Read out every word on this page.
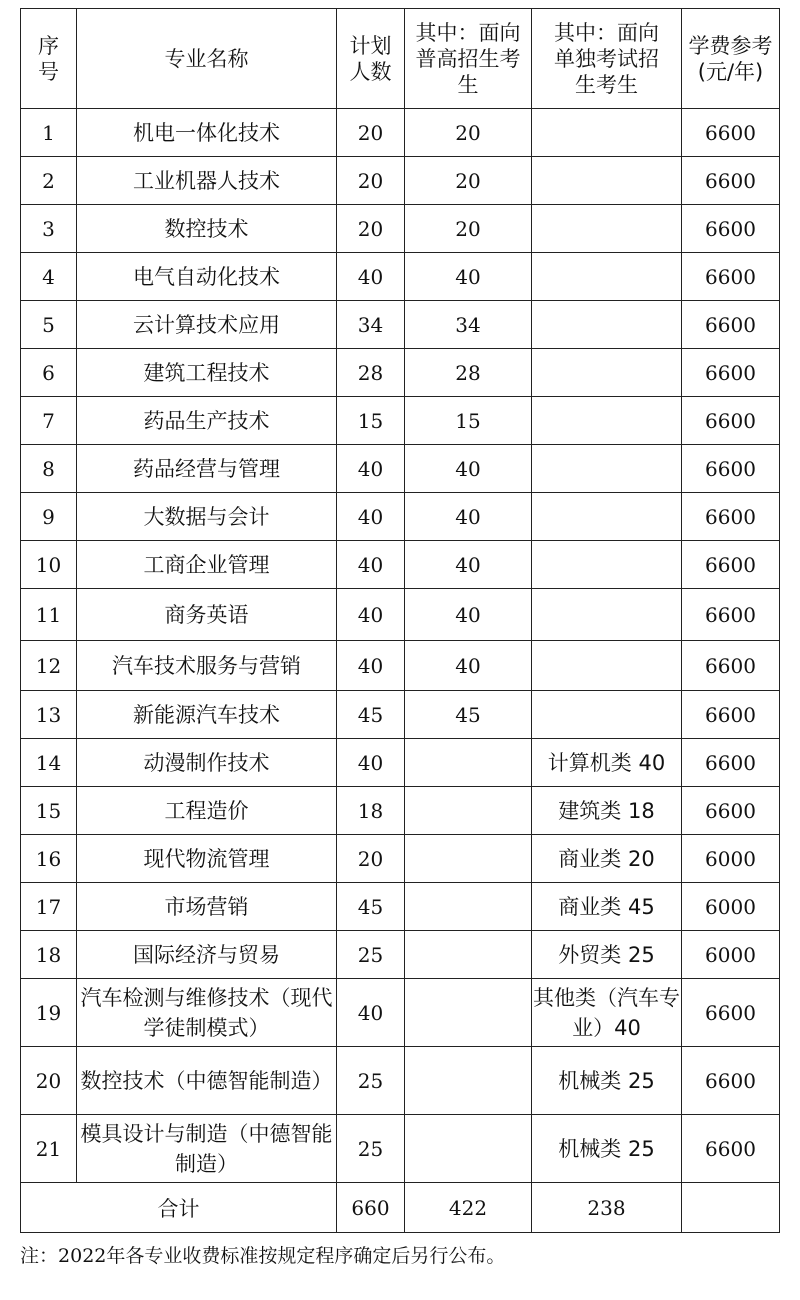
序号	专业名称	计划人数	其中：面向普高招生考生	其中：面向单独考试招生考生	学费参考(元/年)
1	机电一体化技术	20	20		6600
2	工业机器人技术	20	20		6600
3	数控技术	20	20		6600
4	电气自动化技术	40	40		6600
5	云计算技术应用	34	34		6600
6	建筑工程技术	28	28		6600
7	药品生产技术	15	15		6600
8	药品经营与管理	40	40		6600
9	大数据与会计	40	40		6600
10	工商企业管理	40	40		6600
11	商务英语	40	40		6600
12	汽车技术服务与营销	40	40		6600
13	新能源汽车技术	45	45		6600
14	动漫制作技术	40		计算机类 40	6600
15	工程造价	18		建筑类 18	6600
16	现代物流管理	20		商业类 20	6000
17	市场营销	45		商业类 45	6000
18	国际经济与贸易	25		外贸类 25	6000
19	汽车检测与维修技术（现代学徒制模式）	40		其他类（汽车专业）40	6600
20	数控技术（中德智能制造）	25		机械类 25	6600
21	模具设计与制造（中德智能制造）	25		机械类 25	6600
合计		660	422	238	
注：2022年各专业收费标准按规定程序确定后另行公布。
